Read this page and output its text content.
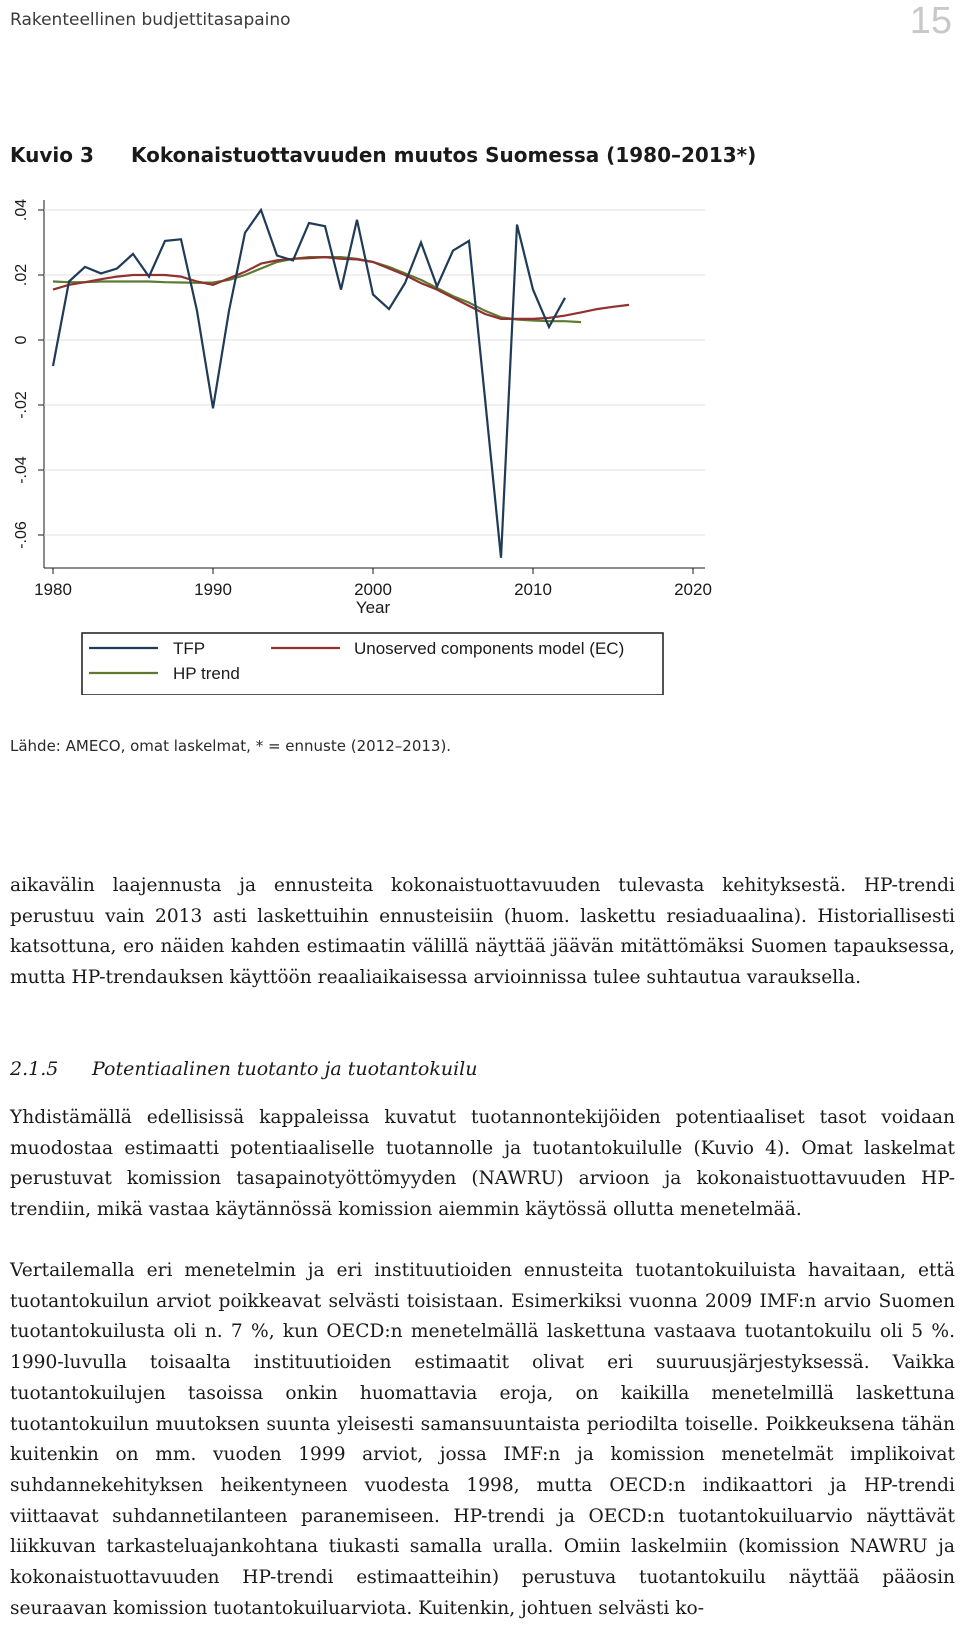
Rakenteellinen budjettitasapaino	15
Kuvio 3 Kokonaistuottavuuden muutos Suomessa (1980–2013*)
-.06
-.04
-.02
0
.02
.04
1980	1990	2000	2010	2020
Year
TFP	Unoserved components model (EC)
HP trend
Lähde: AMECO, omat laskelmat, * = ennuste (2012–2013).

aikavälin laajennusta ja ennusteita kokonaistuottavuuden tulevasta kehityksestä. HP-trendi perustuu vain 2013 asti laskettuihin ennusteisiin (huom. laskettu resiaduaalina). Historiallisesti katsottuna, ero näiden kahden estimaatin välillä näyttää jäävän mitättömäksi Suomen tapauksessa, mutta HP-trendauksen käyttöön reaaliaikaisessa arvioinnissa tulee suhtautua varauksella.

2.1.5 Potentiaalinen tuotanto ja tuotantokuilu

Yhdistämällä edellisissä kappaleissa kuvatut tuotannontekijöiden potentiaaliset tasot voidaan muodostaa estimaatti potentiaaliselle tuotannolle ja tuotantokuilulle (Kuvio 4). Omat laskelmat perustuvat komission tasapainotyöttömyyden (NAWRU) arvioon ja kokonaistuottavuuden HP-trendiin, mikä vastaa käytännössä komission aiemmin käytössä ollutta menetelmää.

Vertailemalla eri menetelmin ja eri instituutioiden ennusteita tuotantokuiluista havaitaan, että tuotantokuilun arviot poikkeavat selvästi toisistaan. Esimerkiksi vuonna 2009 IMF:n arvio Suomen tuotantokuilusta oli n. 7 %, kun OECD:n menetelmällä laskettuna vastaava tuotantokuilu oli 5 %. 1990-luvulla toisaalta instituutioiden estimaatit olivat eri suuruusjärjestyksessä. Vaikka tuotantokuilujen tasoissa onkin huomattavia eroja, on kaikilla menetelmillä laskettuna tuotantokuilun muutoksen suunta yleisesti samansuuntaista periodilta toiselle. Poikkeuksena tähän kuitenkin on mm. vuoden 1999 arviot, jossa IMF:n ja komission menetelmät implikoivat suhdannekehityksen heikentyneen vuodesta 1998, mutta OECD:n indikaattori ja HP-trendi viittaavat suhdannetilanteen paranemiseen. HP-trendi ja OECD:n tuotantokuiluarvio näyttävät liikkuvan tarkasteluajankohtana tiukasti samalla uralla. Omiin laskelmiin (komission NAWRU ja kokonaistuottavuuden HP-trendi estimaatteihin) perustuva tuotantokuilu näyttää pääosin seuraavan komission tuotantokuiluarviota. Kuitenkin, johtuen selvästi ko-
